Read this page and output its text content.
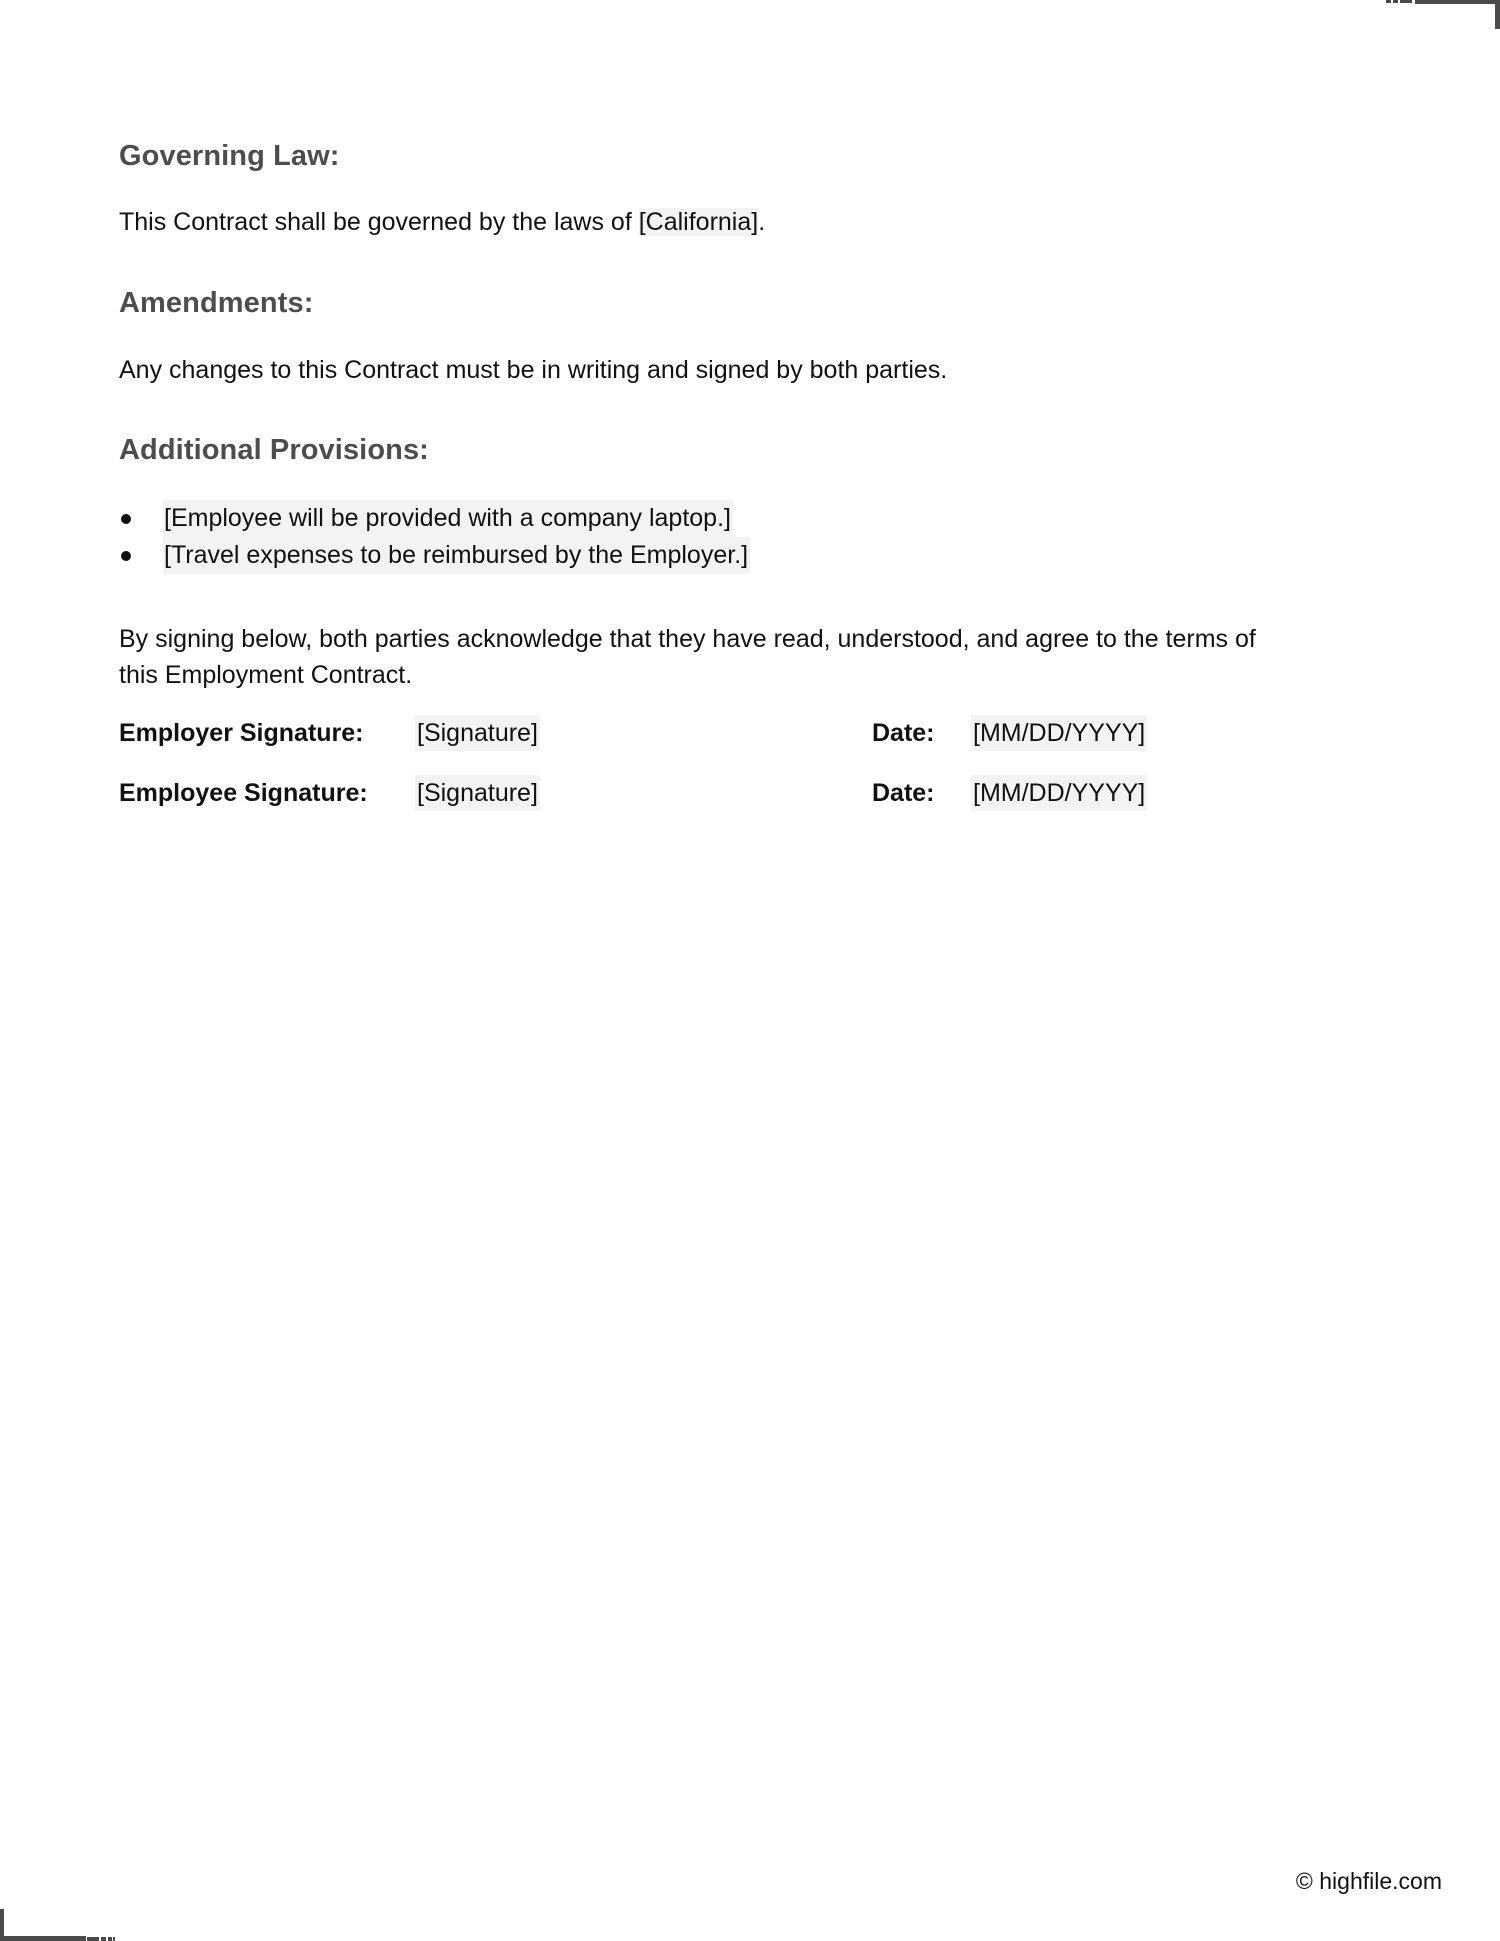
Governing Law:

This Contract shall be governed by the laws of [California].

Amendments:

Any changes to this Contract must be in writing and signed by both parties.

Additional Provisions:
[Employee will be provided with a company laptop.]
[Travel expenses to be reimbursed by the Employer.]

By signing below, both parties acknowledge that they have read, understood, and agree to the terms of

this Employment Contract.

Employer Signature: [Signature]	Date: [MM/DD/YYYY]
Employee Signature: [Signature]	Date: [MM/DD/YYYY]
© highfile.com
